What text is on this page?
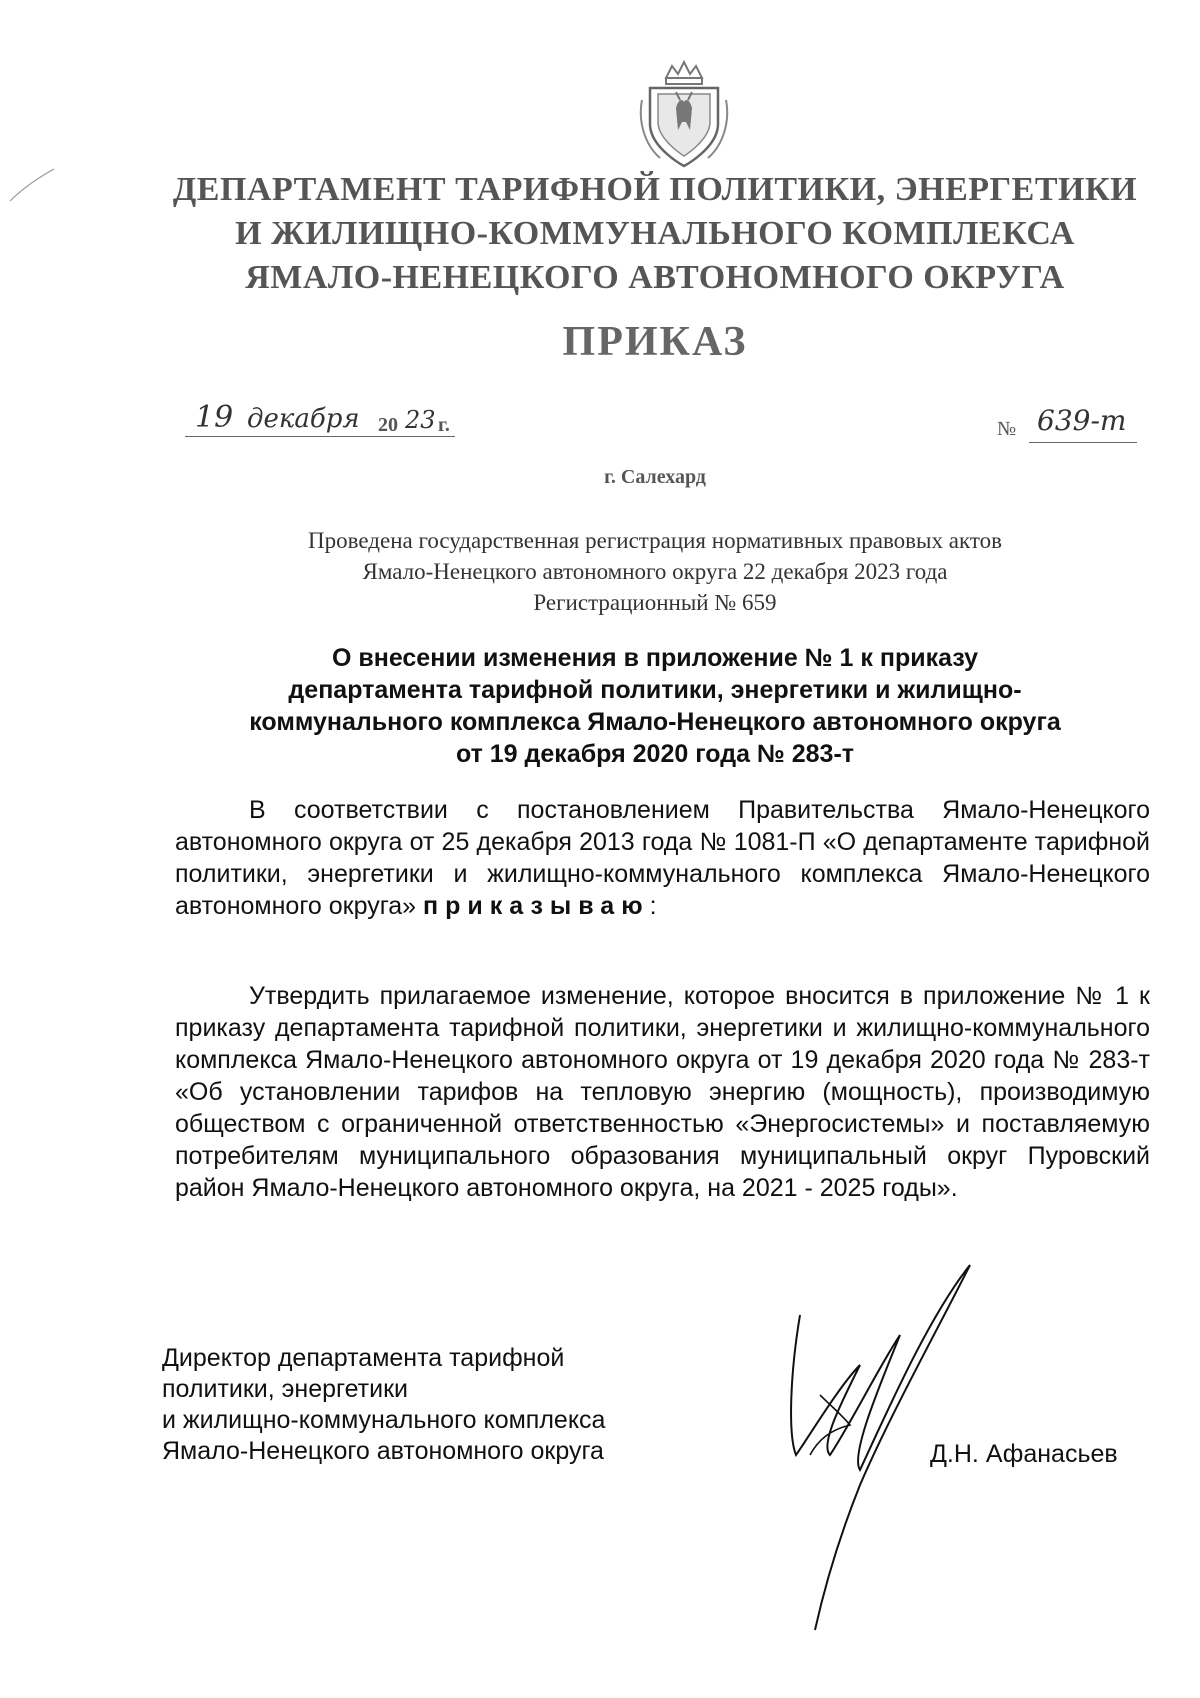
ДЕПАРТАМЕНТ ТАРИФНОЙ ПОЛИТИКИ, ЭНЕРГЕТИКИ
И ЖИЛИЩНО-КОММУНАЛЬНОГО КОМПЛЕКСА
ЯМАЛО-НЕНЕЦКОГО АВТОНОМНОГО ОКРУГА
ПРИКАЗ
19 декабря 20 23 г.	№ 639-т
г. Салехард
Проведена государственная регистрация нормативных правовых актов
Ямало-Ненецкого автономного округа 22 декабря 2023 года
Регистрационный № 659
О внесении изменения в приложение № 1 к приказу
департамента тарифной политики, энергетики и жилищно-
коммунального комплекса Ямало-Ненецкого автономного округа
от 19 декабря 2020 года № 283-т
В соответствии с постановлением Правительства Ямало-Ненецкого автономного округа от 25 декабря 2013 года № 1081-П «О департаменте тарифной политики, энергетики и жилищно-коммунального комплекса Ямало-Ненецкого автономного округа» приказываю:
Утвердить прилагаемое изменение, которое вносится в приложение № 1 к приказу департамента тарифной политики, энергетики и жилищно-коммунального комплекса Ямало-Ненецкого автономного округа от 19 декабря 2020 года № 283-т «Об установлении тарифов на тепловую энергию (мощность), производимую обществом с ограниченной ответственностью «Энергосистемы» и поставляемую потребителям муниципального образования муниципальный округ Пуровский район Ямало-Ненецкого автономного округа, на 2021 - 2025 годы».
Директор департамента тарифной
политики, энергетики
и жилищно-коммунального комплекса
Ямало-Ненецкого автономного округа	Д.Н. Афанасьев
